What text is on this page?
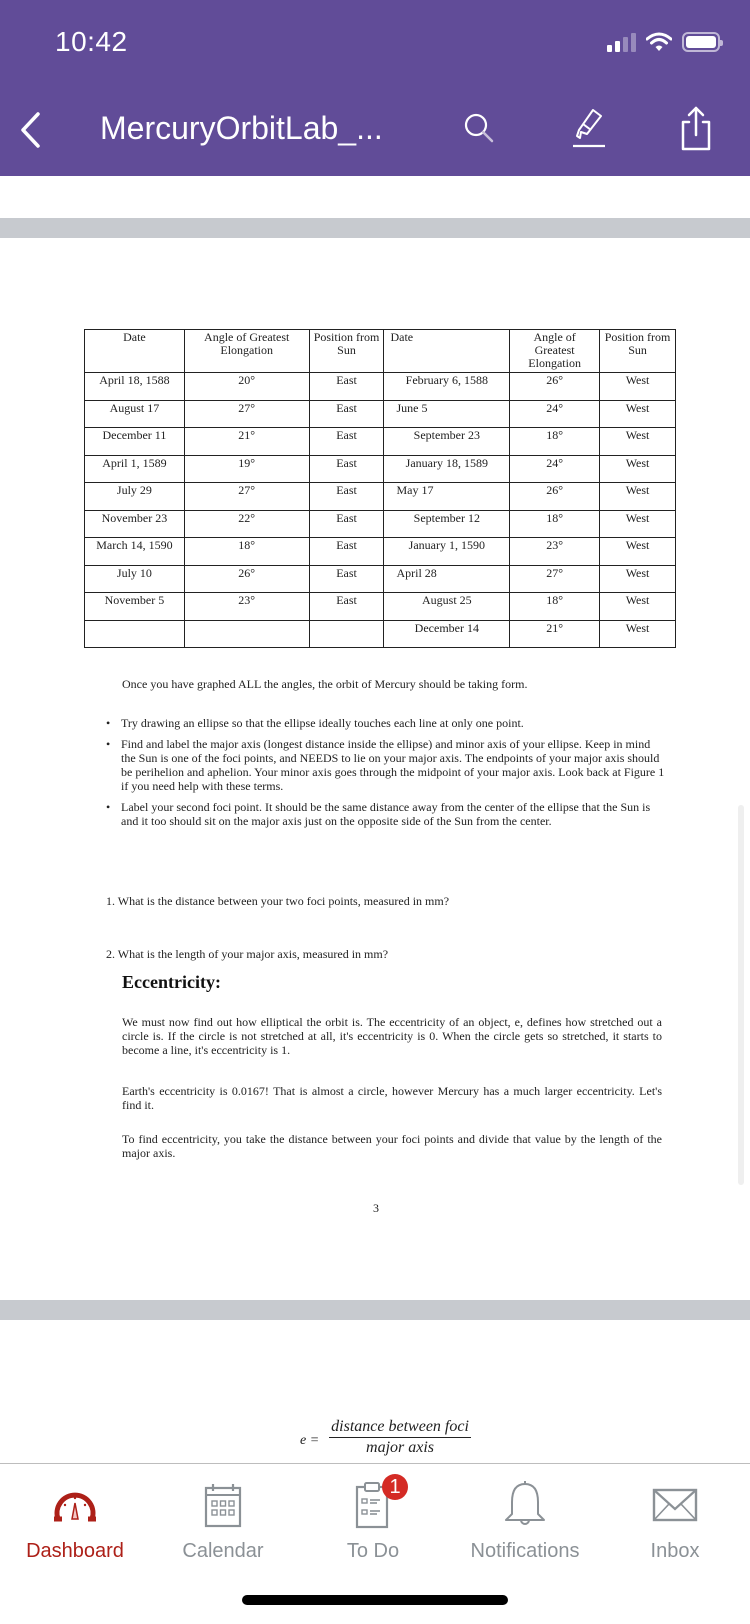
10:42
MercuryOrbitLab_...
Date	Angle of Greatest Elongation	Position from Sun	Date	Angle of Greatest Elongation	Position from Sun
April 18, 1588	20°	East	February 6, 1588	26°	West
August 17	27°	East	June 5	24°	West
December 11	21°	East	September 23	18°	West
April 1, 1589	19°	East	January 18, 1589	24°	West
July 29	27°	East	May 17	26°	West
November 23	22°	East	September 12	18°	West
March 14, 1590	18°	East	January 1, 1590	23°	West
July 10	26°	East	April 28	27°	West
November 5	23°	East	August 25	18°	West
			December 14	21°	West
Once you have graphed ALL the angles, the orbit of Mercury should be taking form.
• Try drawing an ellipse so that the ellipse ideally touches each line at only one point.
• Find and label the major axis (longest distance inside the ellipse) and minor axis of your ellipse. Keep in mind the Sun is one of the foci points, and NEEDS to lie on your major axis. The endpoints of your major axis should be perihelion and aphelion. Your minor axis goes through the midpoint of your major axis. Look back at Figure 1 if you need help with these terms.
• Label your second foci point. It should be the same distance away from the center of the ellipse that the Sun is and it too should sit on the major axis just on the opposite side of the Sun from the center.
1. What is the distance between your two foci points, measured in mm?
2. What is the length of your major axis, measured in mm?
Eccentricity:
We must now find out how elliptical the orbit is. The eccentricity of an object, e, defines how stretched out a circle is. If the circle is not stretched at all, it's eccentricity is 0. When the circle gets so stretched, it starts to become a line, it's eccentricity is 1.
Earth's eccentricity is 0.0167! That is almost a circle, however Mercury has a much larger eccentricity. Let's find it.
To find eccentricity, you take the distance between your foci points and divide that value by the length of the major axis.
3
$e = \frac{\text{distance between foci}}{\text{major axis}}$
Dashboard	Calendar
1
To Do	Notifications	Inbox
